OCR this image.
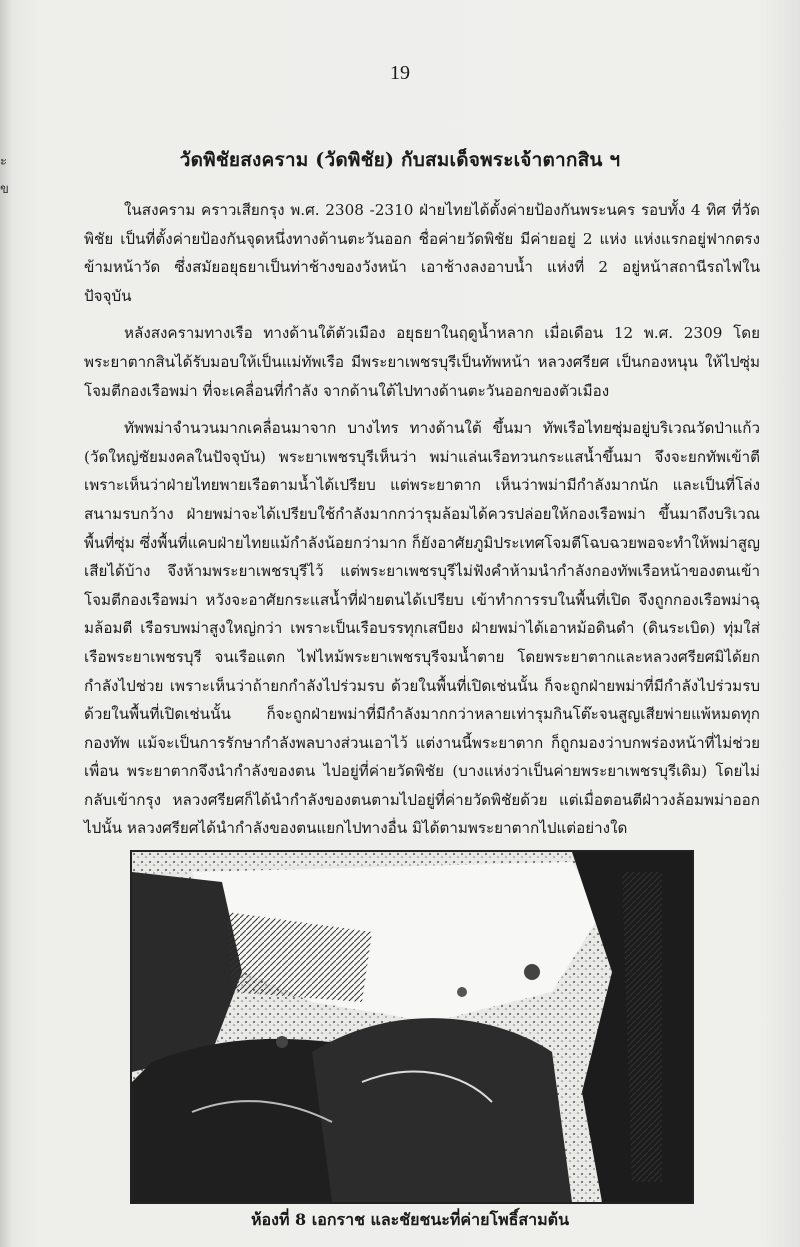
ะ
ข
19
วัดพิชัยสงคราม (วัดพิชัย) กับสมเด็จพระเจ้าตากสิน ฯ

ในสงคราม คราวเสียกรุง พ.ศ. 2308 -2310 ฝ่ายไทยได้ตั้งค่ายป้องกันพระนคร รอบทั้ง 4 ทิศ ที่วัดพิชัย เป็นที่ตั้งค่ายป้องกันจุดหนึ่งทางด้านตะวันออก ชื่อค่ายวัดพิชัย มีค่ายอยู่ 2 แห่ง แห่งแรกอยู่ฟากตรงข้ามหน้าวัด ซึ่งสมัยอยุธยาเป็นท่าช้างของวังหน้า เอาช้างลงอาบน้ำ แห่งที่ 2 อยู่หน้าสถานีรถไฟในปัจจุบัน

หลังสงครามทางเรือ ทางด้านใต้ตัวเมือง อยุธยาในฤดูน้ำหลาก เมื่อเดือน 12 พ.ศ. 2309 โดยพระยาตากสินได้รับมอบให้เป็นแม่ทัพเรือ มีพระยาเพชรบุรีเป็นทัพหน้า หลวงศรียศ เป็นกองหนุน ให้ไปซุ่มโจมตีกองเรือพม่า ที่จะเคลื่อนที่กำลัง จากด้านใต้ไปทางด้านตะวันออกของตัวเมือง

ทัพพม่าจำนวนมากเคลื่อนมาจาก บางไทร ทางด้านใต้ ขึ้นมา ทัพเรือไทยซุ่มอยู่บริเวณวัดป่าแก้ว (วัดใหญ่ชัยมงคลในปัจจุบัน) พระยาเพชรบุรีเห็นว่า พม่าแล่นเรือทวนกระแสน้ำขึ้นมา จึงจะยกทัพเข้าตี เพราะเห็นว่าฝ่ายไทยพายเรือตามน้ำได้เปรียบ แต่พระยาตาก เห็นว่าพม่ามีกำลังมากนัก และเป็นที่โล่งสนามรบกว้าง ฝ่ายพม่าจะได้เปรียบใช้กำลังมากกว่ารุมล้อมได้ควรปล่อยให้กองเรือพม่า ขึ้นมาถึงบริเวณพื้นที่ซุ่ม ซึ่งพื้นที่แคบฝ่ายไทยแม้กำลังน้อยกว่ามาก ก็ยังอาศัยภูมิประเทศโจมตีโฉบฉวยพอจะทำให้พม่าสูญเสียได้บ้าง จึงห้ามพระยาเพชรบุรีไว้ แต่พระยาเพชรบุรีไม่ฟังคำห้ามนำกำลังกองทัพเรือหน้าของตนเข้าโจมตีกองเรือพม่า หวังจะอาศัยกระแสน้ำที่ฝ่ายตนได้เปรียบ เข้าทำการรบในพื้นที่เปิด จึงถูกกองเรือพม่าฉุมล้อมตี เรือรบพม่าสูงใหญ่กว่า เพราะเป็นเรือบรรทุกเสบียง ฝ่ายพม่าได้เอาหม้อดินดำ (ดินระเบิด) ทุ่มใส่เรือพระยาเพชรบุรี จนเรือแตก ไฟไหม้พระยาเพชรบุรีจมน้ำตาย โดยพระยาตากและหลวงศรียศมิได้ยกกำลังไปช่วย เพราะเห็นว่าถ้ายกกำลังไปร่วมรบ ด้วยในพื้นที่เปิดเช่นนั้น ก็จะถูกฝ่ายพม่าที่มีกำลังไปร่วมรบ ด้วยในพื้นที่เปิดเช่นนั้น ก็จะถูกฝ่ายพม่าที่มีกำลังมากกว่าหลายเท่ารุมกินโต๊ะจนสูญเสียพ่ายแพ้หมดทุกกองทัพ แม้จะเป็นการรักษากำลังพลบางส่วนเอาไว้ แต่งานนี้พระยาตาก ก็ถูกมองว่าบกพร่องหน้าที่ไม่ช่วยเพื่อน พระยาตากจึงนำกำลังของตน ไปอยู่ที่ค่ายวัดพิชัย (บางแห่งว่าเป็นค่ายพระยาเพชรบุรีเดิม) โดยไม่กลับเข้ากรุง หลวงศรียศก็ได้นำกำลังของตนตามไปอยู่ที่ค่ายวัดพิชัยด้วย แต่เมื่อตอนตีฝ่าวงล้อมพม่าออกไปนั้น หลวงศรียศได้นำกำลังของตนแยกไปทางอื่น มิได้ตามพระยาตากไปแต่อย่างใด

ห้องที่ 8 เอกราช และชัยชนะที่ค่ายโพธิ์สามต้น
